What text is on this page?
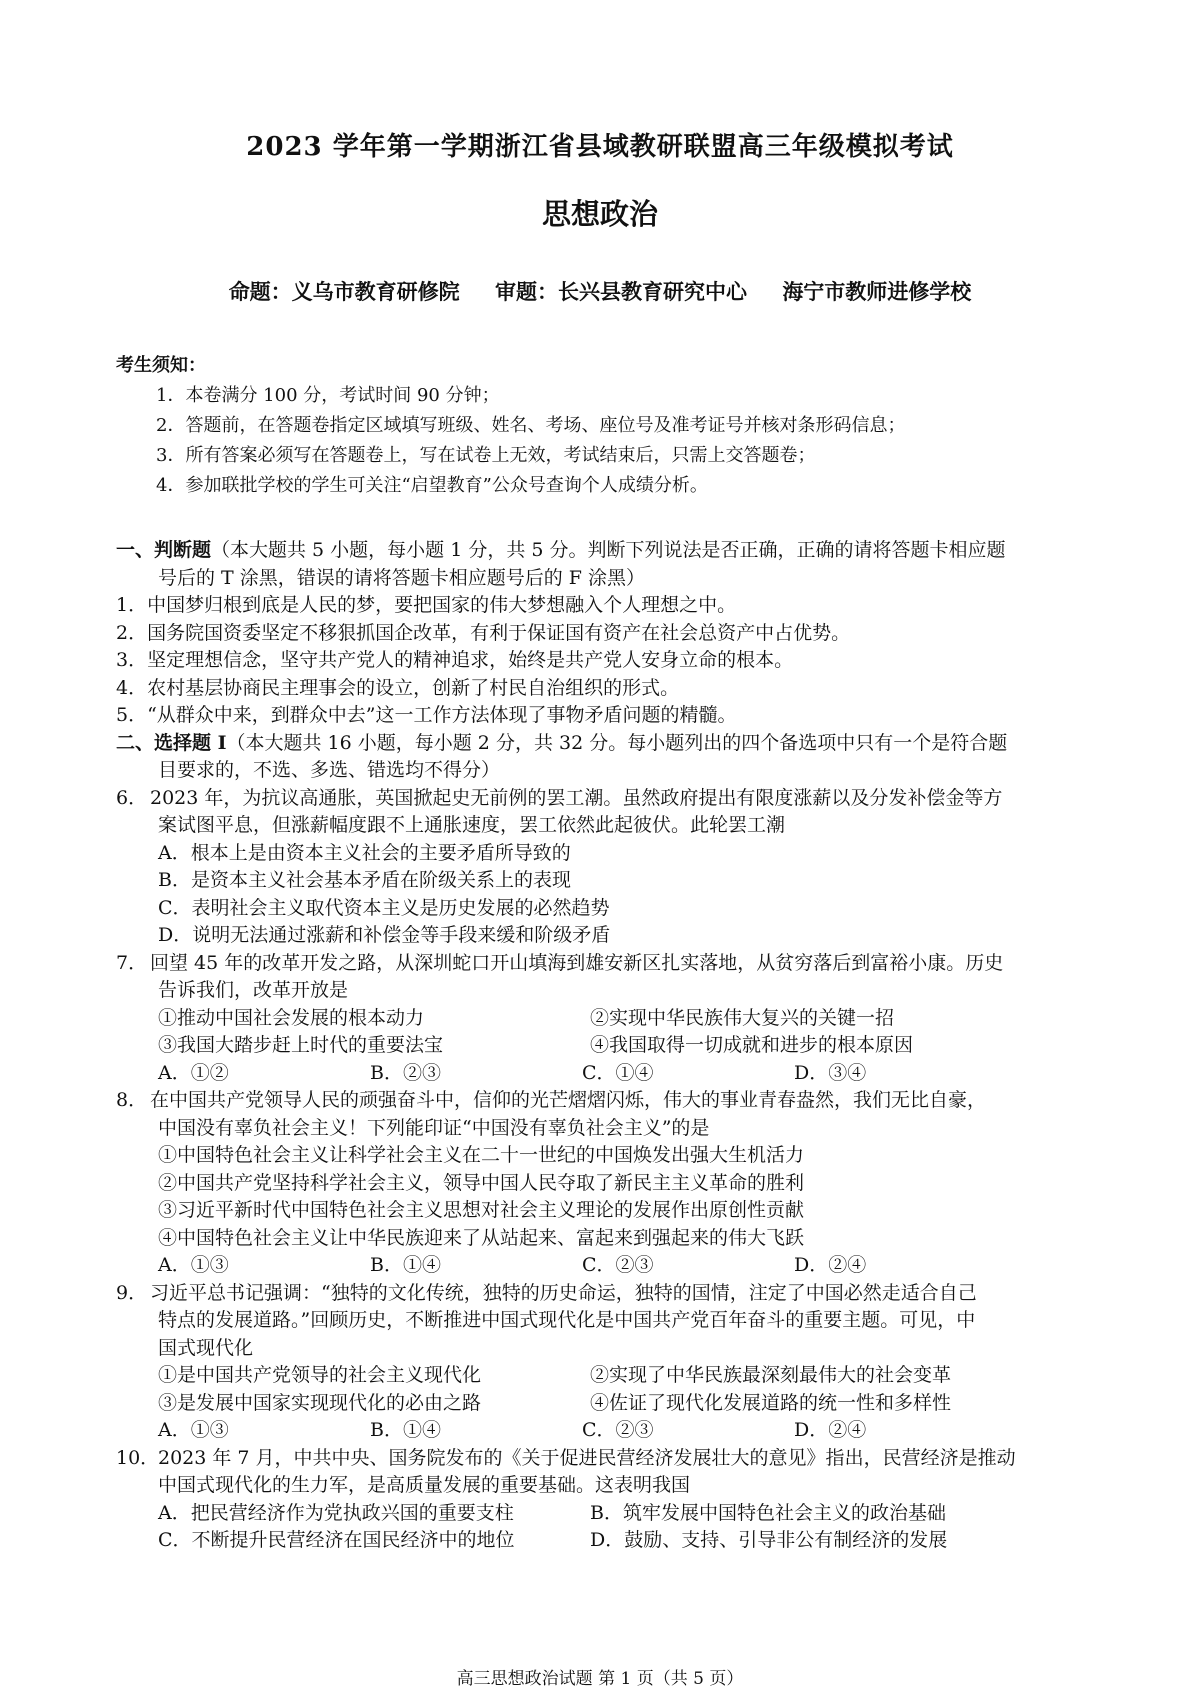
2023 学年第一学期浙江省县域教研联盟高三年级模拟考试
思想政治
命题：义乌市教育研修院 审题：长兴县教育研究中心 海宁市教师进修学校
考生须知：
1．本卷满分 100 分，考试时间 90 分钟；
2．答题前，在答题卷指定区域填写班级、姓名、考场、座位号及准考证号并核对条形码信息；
3．所有答案必须写在答题卷上，写在试卷上无效，考试结束后，只需上交答题卷；
4．参加联批学校的学生可关注“启望教育”公众号查询个人成绩分析。
一、判断题（本大题共 5 小题，每小题 1 分，共 5 分。判断下列说法是否正确，正确的请将答题卡相应题
号后的 T 涂黑，错误的请将答题卡相应题号后的 F 涂黑）
1．中国梦归根到底是人民的梦，要把国家的伟大梦想融入个人理想之中。
2．国务院国资委坚定不移狠抓国企改革，有利于保证国有资产在社会总资产中占优势。
3．坚定理想信念，坚守共产党人的精神追求，始终是共产党人安身立命的根本。
4．农村基层协商民主理事会的设立，创新了村民自治组织的形式。
5．“从群众中来，到群众中去”这一工作方法体现了事物矛盾问题的精髓。
二、选择题 I（本大题共 16 小题，每小题 2 分，共 32 分。每小题列出的四个备选项中只有一个是符合题
目要求的，不选、多选、错选均不得分）
6． 2023 年，为抗议高通胀，英国掀起史无前例的罢工潮。虽然政府提出有限度涨薪以及分发补偿金等方
案试图平息，但涨薪幅度跟不上通胀速度，罢工依然此起彼伏。此轮罢工潮
A．根本上是由资本主义社会的主要矛盾所导致的
B．是资本主义社会基本矛盾在阶级关系上的表现
C．表明社会主义取代资本主义是历史发展的必然趋势
D．说明无法通过涨薪和补偿金等手段来缓和阶级矛盾
7． 回望 45 年的改革开发之路，从深圳蛇口开山填海到雄安新区扎实落地，从贫穷落后到富裕小康。历史
告诉我们，改革开放是
①推动中国社会发展的根本动力	②实现中华民族伟大复兴的关键一招
③我国大踏步赶上时代的重要法宝	④我国取得一切成就和进步的根本原因
A．①②	B．②③	C．①④	D．③④
8． 在中国共产党领导人民的顽强奋斗中，信仰的光芒熠熠闪烁，伟大的事业青春盎然，我们无比自豪，
中国没有辜负社会主义！下列能印证“中国没有辜负社会主义”的是
①中国特色社会主义让科学社会主义在二十一世纪的中国焕发出强大生机活力
②中国共产党坚持科学社会主义，领导中国人民夺取了新民主主义革命的胜利
③习近平新时代中国特色社会主义思想对社会主义理论的发展作出原创性贡献
④中国特色社会主义让中华民族迎来了从站起来、富起来到强起来的伟大飞跃
A．①③	B．①④	C．②③	D．②④
9． 习近平总书记强调：“独特的文化传统，独特的历史命运，独特的国情，注定了中国必然走适合自己
特点的发展道路。”回顾历史，不断推进中国式现代化是中国共产党百年奋斗的重要主题。可见，中
国式现代化
①是中国共产党领导的社会主义现代化	②实现了中华民族最深刻最伟大的社会变革
③是发展中国家实现现代化的必由之路	④佐证了现代化发展道路的统一性和多样性
A．①③	B．①④	C．②③	D．②④
10．
2023 年 7 月，中共中央、国务院发布的《关于促进民营经济发展壮大的意见》指出，民营经济是推动
中国式现代化的生力军，是高质量发展的重要基础。这表明我国
A．把民营经济作为党执政兴国的重要支柱	B．筑牢发展中国特色社会主义的政治基础
C．不断提升民营经济在国民经济中的地位	D．鼓励、支持、引导非公有制经济的发展
高三思想政治试题 第 1 页（共 5 页）
